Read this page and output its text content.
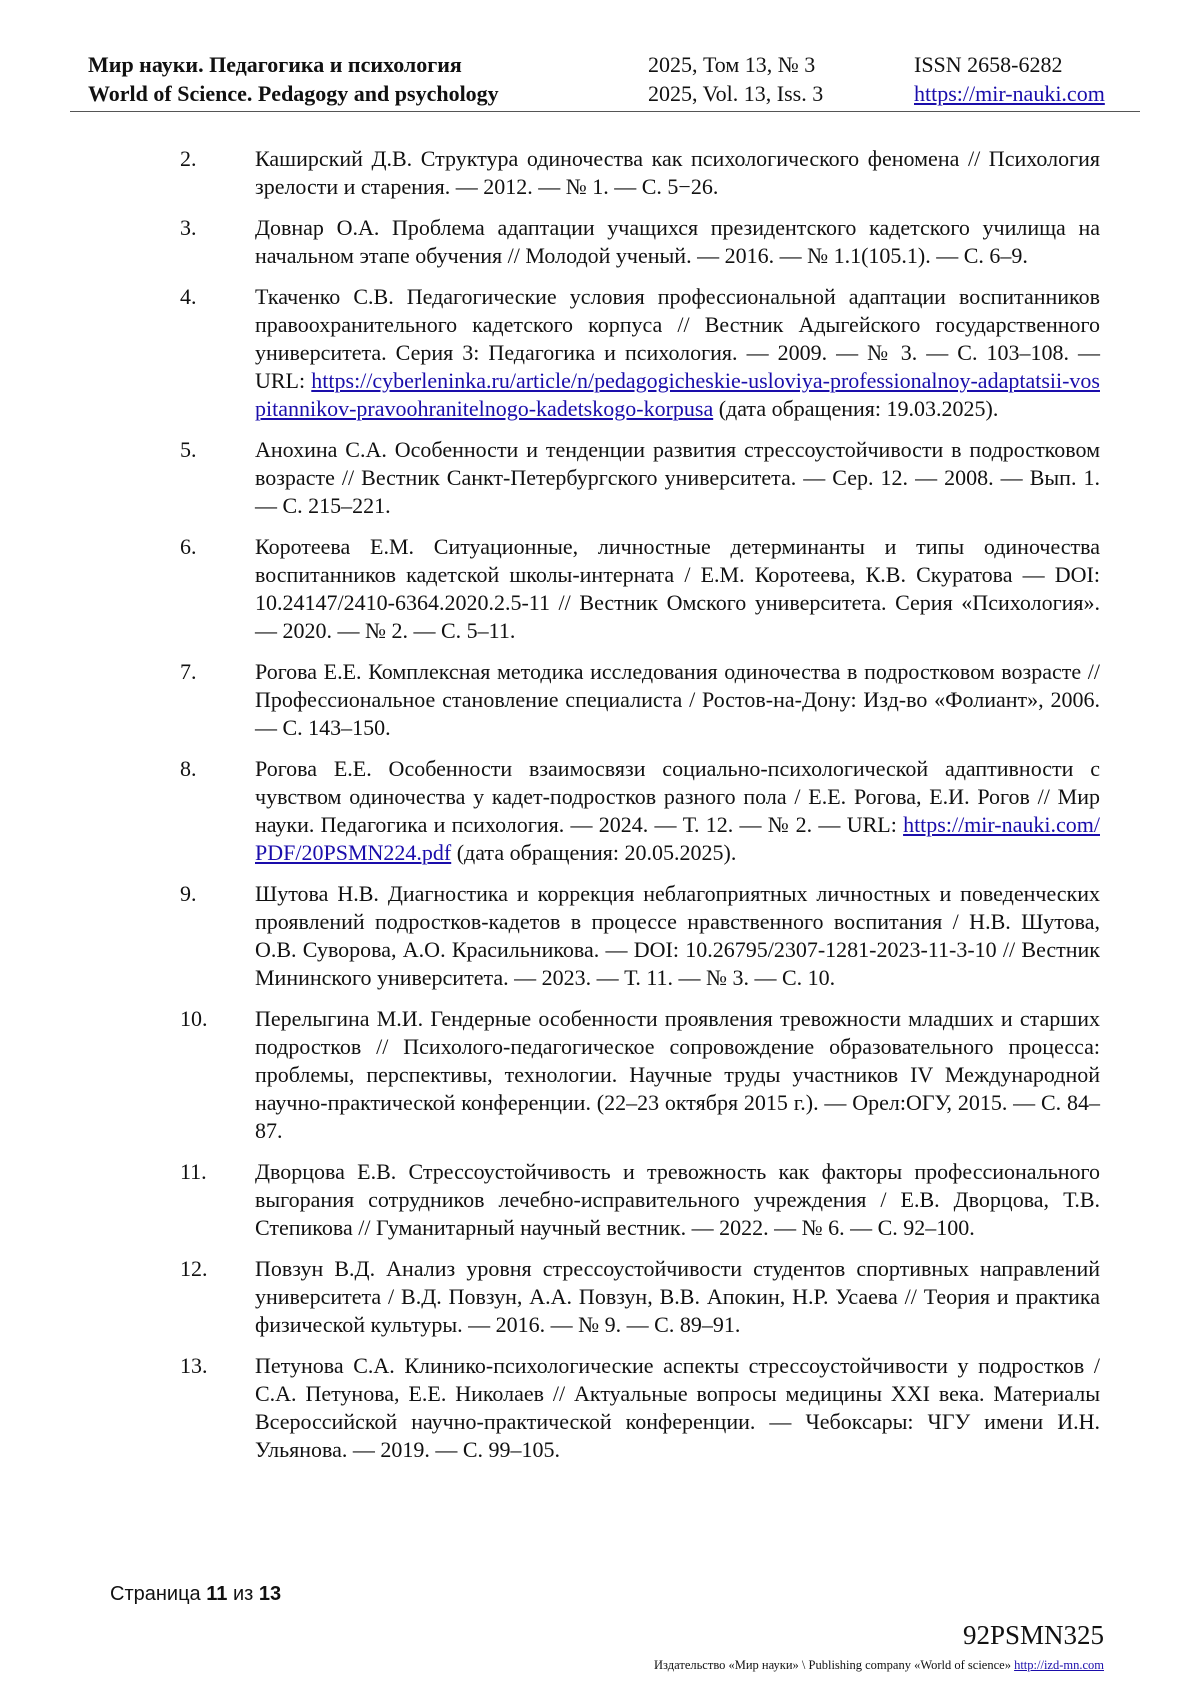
Мир науки. Педагогика и психология
World of Science. Pedagogy and psychology
2025, Том 13, № 3
2025, Vol. 13, Iss. 3
ISSN 2658-6282
https://mir-nauki.com
2.	Каширский Д.В. Структура одиночества как психологического феномена // Психология зрелости и старения. — 2012. — № 1. — С. 5−26.
3.	Довнар О.А. Проблема адаптации учащихся президентского кадетского училища на начальном этапе обучения // Молодой ученый. — 2016. — № 1.1(105.1). — С. 6–9.
4.	Ткаченко С.В. Педагогические условия профессиональной адаптации воспитанников правоохранительного кадетского корпуса // Вестник Адыгейского государственного университета. Серия 3: Педагогика и психология. — 2009. — № 3. — С. 103–108. — URL: https://cyberleninka.ru/article/n/pedagogicheskie-usloviya-professionalnoy-adaptatsii-vospitannikov-pravoohranitelnogo-kadetskogo-korpusa (дата обращения: 19.03.2025).
5.	Анохина С.А. Особенности и тенденции развития стрессоустойчивости в подростковом возрасте // Вестник Санкт-Петербургского университета. — Сер. 12. — 2008. — Вып. 1. — С. 215–221.
6.	Коротеева Е.М. Ситуационные, личностные детерминанты и типы одиночества воспитанников кадетской школы-интерната / Е.М. Коротеева, К.В. Скуратова — DOI: 10.24147/2410-6364.2020.2.5-11 // Вестник Омского университета. Серия «Психология». — 2020. — № 2. — С. 5–11.
7.	Рогова Е.Е. Комплексная методика исследования одиночества в подростковом возрасте // Профессиональное становление специалиста / Ростов-на-Дону: Изд-во «Фолиант», 2006. — С. 143–150.
8.	Рогова Е.Е. Особенности взаимосвязи социально-психологической адаптивности с чувством одиночества у кадет-подростков разного пола / Е.Е. Рогова, Е.И. Рогов // Мир науки. Педагогика и психология. — 2024. — Т. 12. — № 2. — URL: https://mir-nauki.com/PDF/20PSMN224.pdf (дата обращения: 20.05.2025).
9.	Шутова Н.В. Диагностика и коррекция неблагоприятных личностных и поведенческих проявлений подростков-кадетов в процессе нравственного воспитания / Н.В. Шутова, О.В. Суворова, А.О. Красильникова. — DOI: 10.26795/2307-1281-2023-11-3-10 // Вестник Мининского университета. — 2023. — Т. 11. — № 3. — С. 10.
10. Перелыгина М.И. Гендерные особенности проявления тревожности младших и старших подростков // Психолого-педагогическое сопровождение образовательного процесса: проблемы, перспективы, технологии. Научные труды участников IV Международной научно-практической конференции. (22–23 октября 2015 г.). — Орел:ОГУ, 2015. — С. 84–87.
11. Дворцова Е.В. Стрессоустойчивость и тревожность как факторы профессионального выгорания сотрудников лечебно-исправительного учреждения / Е.В. Дворцова, Т.В. Степикова // Гуманитарный научный вестник. — 2022. — № 6. — С. 92–100.
12. Повзун В.Д. Анализ уровня стрессоустойчивости студентов спортивных направлений университета / В.Д. Повзун, А.А. Повзун, В.В. Апокин, Н.Р. Усаева // Теория и практика физической культуры. — 2016. — № 9. — С. 89–91.
13. Петунова С.А. Клинико-психологические аспекты стрессоустойчивости у подростков / С.А. Петунова, Е.Е. Николаев // Актуальные вопросы медицины XXI века. Материалы Всероссийской научно-практической конференции. — Чебоксары: ЧГУ имени И.Н. Ульянова. — 2019. — С. 99–105.
Страница 11 из 13
92PSMN325
Издательство «Мир науки» \ Publishing company «World of science» http://izd-mn.com
